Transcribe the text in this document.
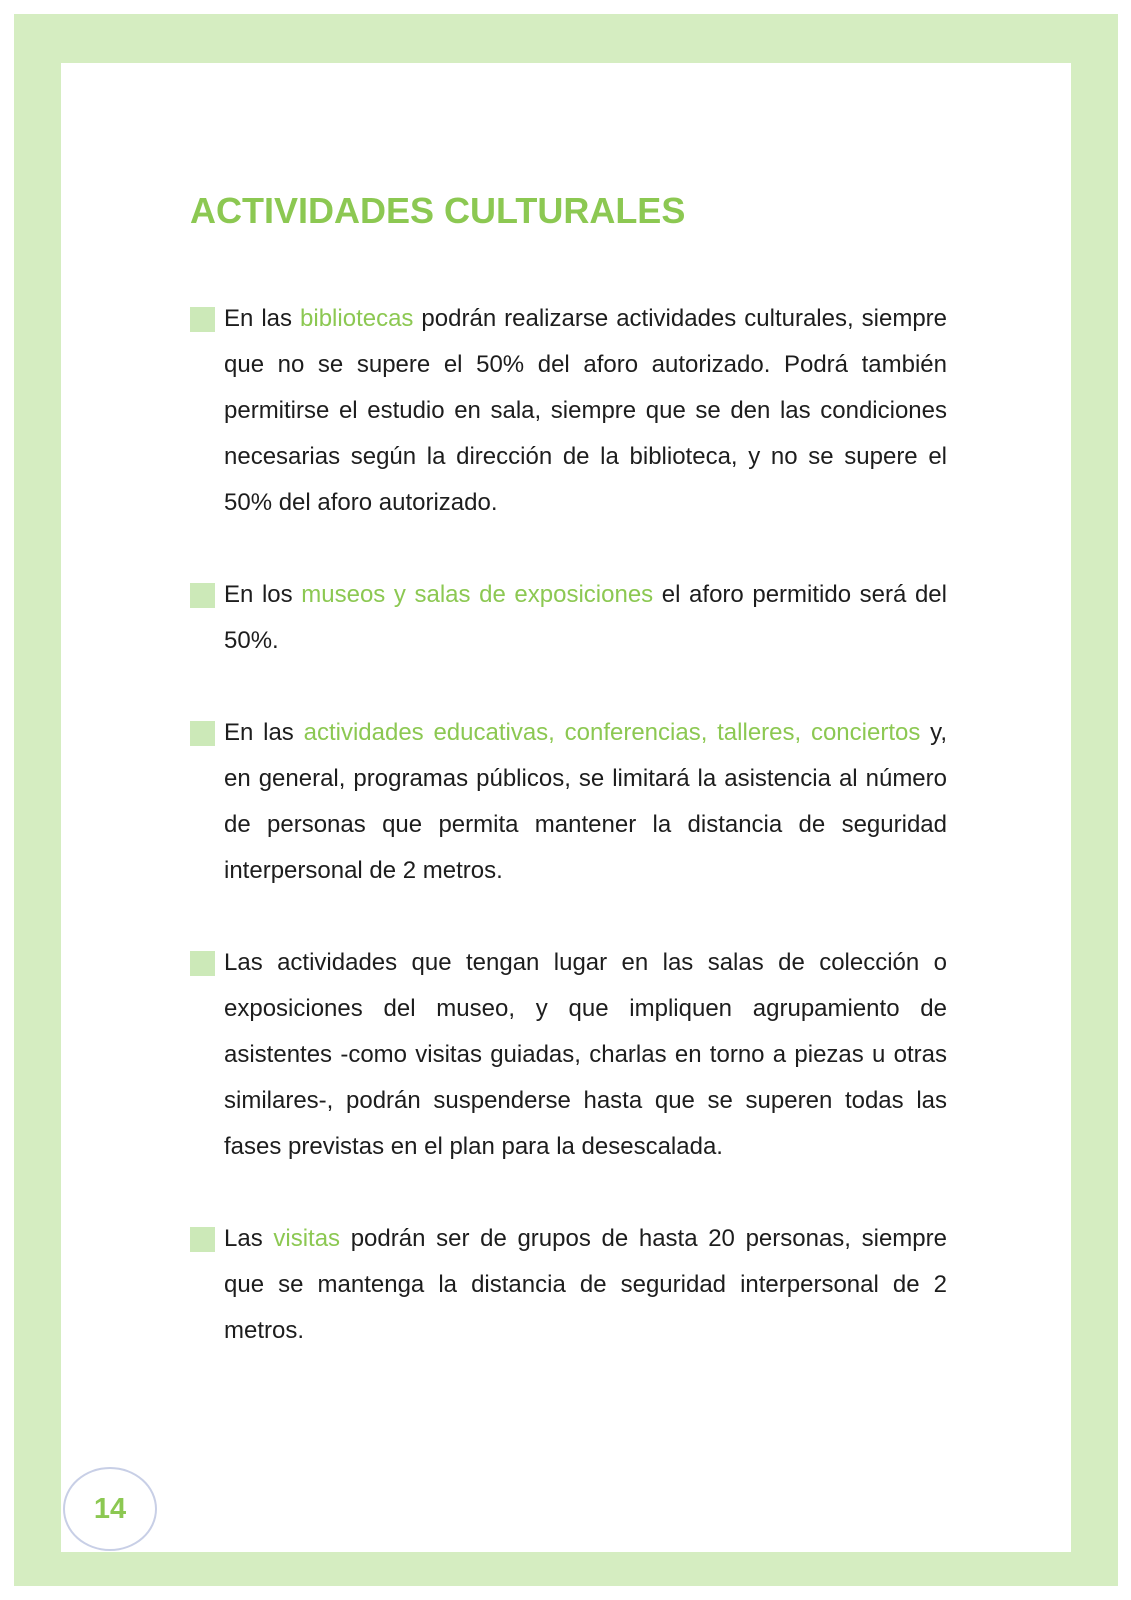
ACTIVIDADES CULTURALES
En las bibliotecas podrán realizarse actividades culturales, siempre que no se supere el 50% del aforo autorizado. Podrá también permitirse el estudio en sala, siempre que se den las condiciones necesarias según la dirección de la biblioteca, y no se supere el 50% del aforo autorizado.
En los museos y salas de exposiciones el aforo permitido será del 50%.
En las actividades educativas, conferencias, talleres, conciertos y, en general, programas públicos, se limitará la asistencia al número de personas que permita mantener la distancia de seguridad interpersonal de 2 metros.
Las actividades que tengan lugar en las salas de colección o exposiciones del museo, y que impliquen agrupamiento de asistentes -como visitas guiadas, charlas en torno a piezas u otras similares-, podrán suspenderse hasta que se superen todas las fases previstas en el plan para la desescalada.
Las visitas podrán ser de grupos de hasta 20 personas, siempre que se mantenga la distancia de seguridad interpersonal de 2 metros.
14
